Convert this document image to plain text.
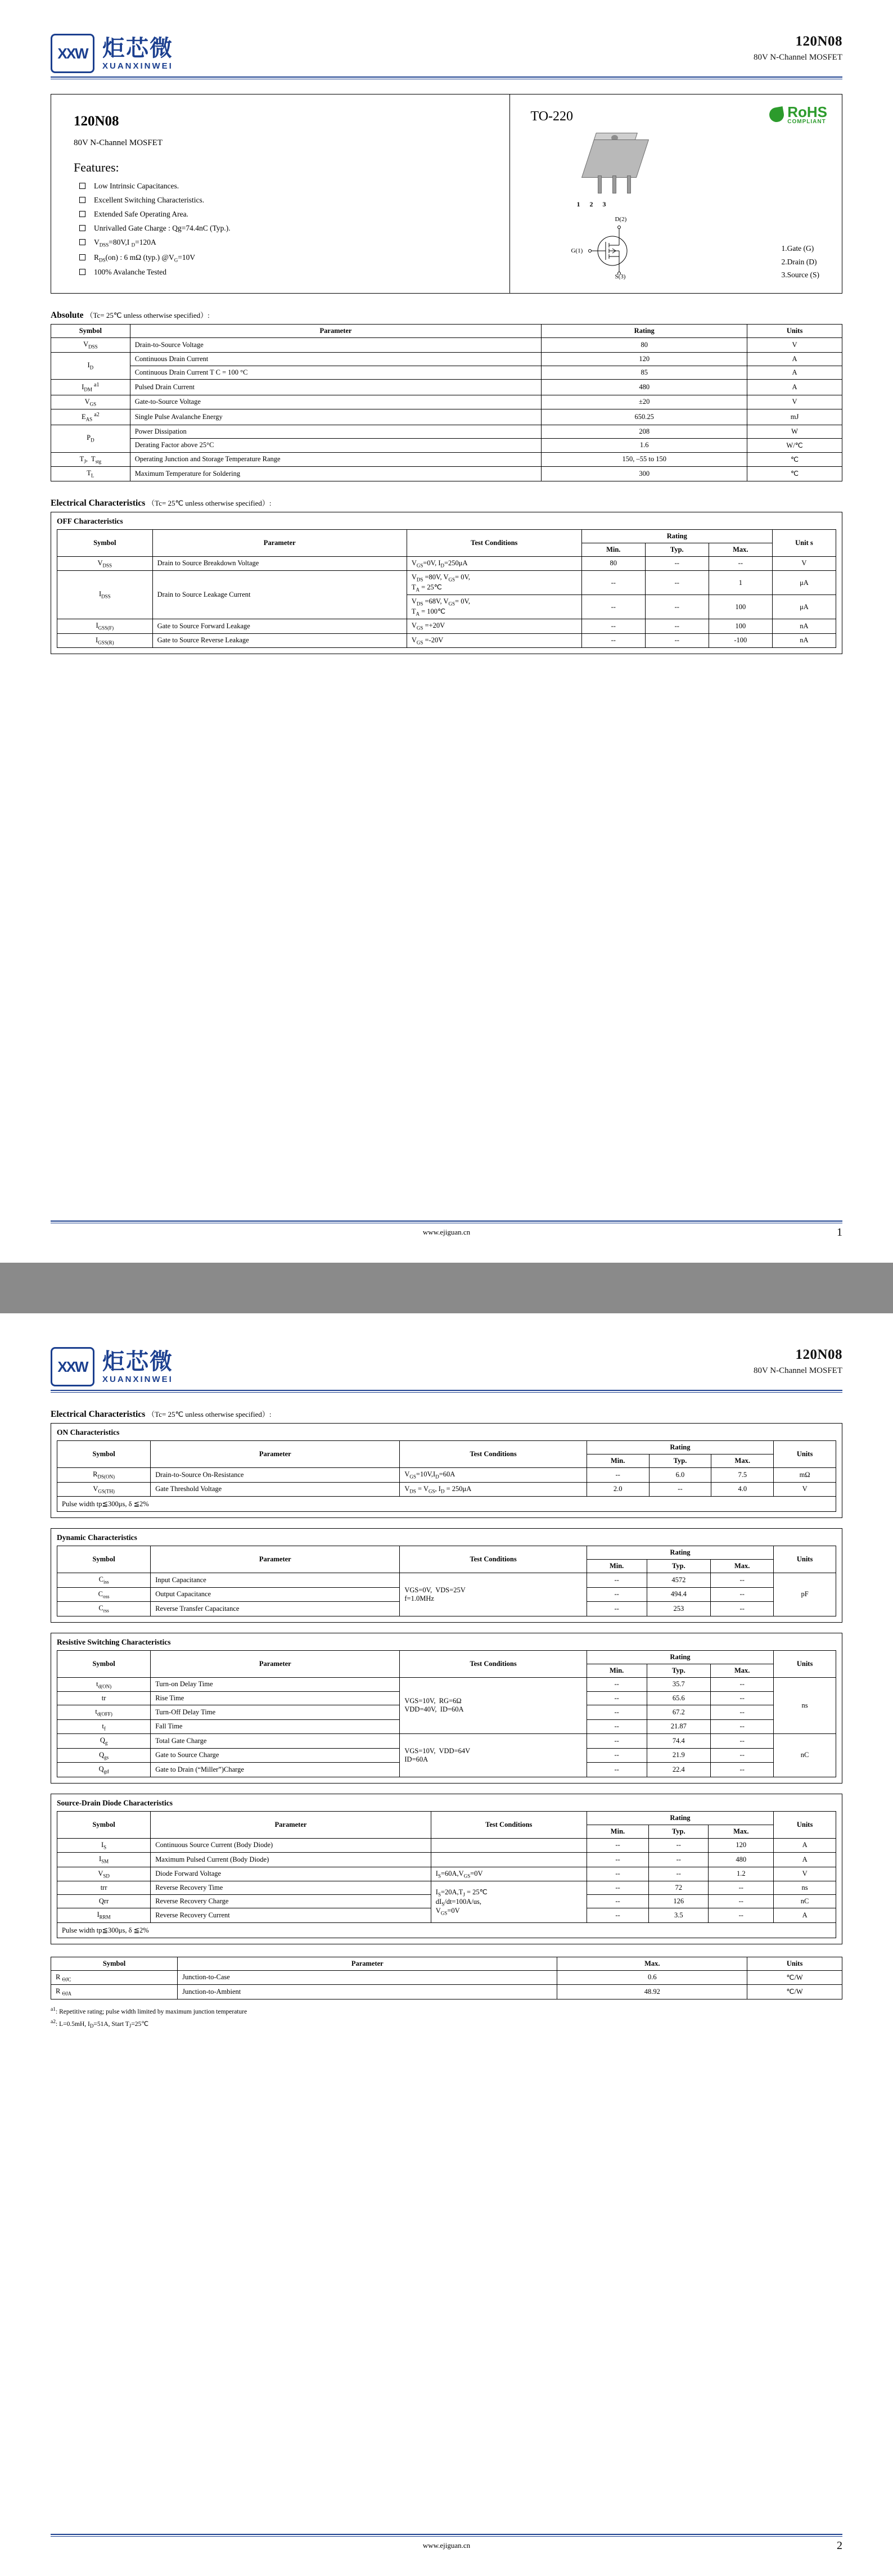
XXW 炬芯微
XUANXINWEI
120N08
80V N-Channel MOSFET
120N08
80V N-Channel MOSFET
Features:
Low Intrinsic Capacitances.
Excellent Switching Characteristics.
Extended Safe Operating Area.
Unrivalled Gate Charge : Qg=74.4nC (Typ.).
$V_{DSS}=80V,I$ $_D$=120A
$R_{DS}(on)$ : 6 mΩ (typ.) $@V_G=10V$
100% Avalanche Tested
TO-220	RoHS
COMPLIANT
1 2 3
D(2)
G(1)
S(3)
1.Gate (G)
2.Drain (D)
3.Source (S)
Absolute （Tc= 25℃ unless otherwise specified）:
Symbol	Parameter	Rating	Units
$V_{DSS}$	Drain-to-Source Voltage	80	V
$I_D$	Continuous Drain Current	120	A
	Continuous Drain Current T C = 100 °C	85	A
$I_{DM}$ $^{a1}$	Pulsed Drain Current	480	A
$V_{GS}$	Gate-to-Source Voltage	±20	V
$E_{AS}$ $^{a2}$	Single Pulse Avalanche Energy	650.25	mJ
$P_D$	Power Dissipation	208	W
	Derating Factor above 25°C	1.6	W/℃
$T_J$,  $T_{stg}$	Operating Junction and Storage Temperature Range	150, –55 to 150	℃
$T_L$	Maximum Temperature for Soldering	300	℃
Electrical Characteristics （Tc= 25℃ unless otherwise specified）:
OFF Characteristics
Symbol	Parameter	Test Conditions	Rating			Unit s
			Min.	Typ.	Max.	
$V_{DSS}$	Drain to Source Breakdown Voltage	$V_{GS}=0V$, $I_D=250\mu A$	80	--	--	V
$I_{DSS}$	Drain to Source Leakage Current	$V_{DS} =80V$, $V_{GS}= 0V$,
$T_A$ = 25℃	--	--	1	μA
		$V_{DS} =68V$, $V_{GS}= 0V$,
$T_A$ = 100℃	--	--	100	μA
$I_{GSS(F)}$	Gate to Source Forward Leakage	$V_{GS} =+20V$	--	--	100	nA
$I_{GSS(R)}$	Gate to Source Reverse Leakage	$V_{GS} =-20V$	--	--	-100	nA
www.ejiguan.cn	1
XXW 炬芯微
XUANXINWEI
120N08
80V N-Channel MOSFET
Electrical Characteristics （Tc= 25℃ unless otherwise specified）:
ON Characteristics
Symbol	Parameter	Test Conditions	Rating			Units
			Min.	Typ.	Max.	
$R_{DS(ON)}$	Drain-to-Source On-Resistance	$V_{GS}=10V,I_D=60A$	--	6.0	7.5	mΩ
$V_{GS(TH)}$	Gate Threshold Voltage	$V_{DS} = V_{GS}$, $I_D = 250\mu A$	2.0	--	4.0	V
Pulse width tp≦300μs, δ ≦2%
Dynamic Characteristics
Symbol	Parameter	Test Conditions	Rating			Units
			Min.	Typ.	Max.	
$C_{iss}$	Input Capacitance	VGS=0V,  VDS=25V
f=1.0MHz	--	4572	--	pF
$C_{oss}$	Output Capacitance		--	494.4	--	
$C_{rss}$	Reverse Transfer Capacitance		--	253	--	
Resistive Switching Characteristics
Symbol	Parameter	Test Conditions	Rating			Units
			Min.	Typ.	Max.	
$t_{d(ON)}$	Turn-on Delay Time	VGS=10V,  RG=6Ω
VDD=40V,  ID=60A	--	35.7	--	ns
tr	Rise Time		--	65.6	--	
$t_{d(OFF)}$	Turn-Off Delay Time		--	67.2	--	
$t_f$	Fall Time		--	21.87	--	
$Q_g$	Total Gate Charge	VGS=10V,  VDD=64V
ID=60A	--	74.4	--	nC
$Q_{gs}$	Gate to Source Charge		--	21.9	--	
$Q_{gd}$	Gate to Drain (“Miller”)Charge		--	22.4	--	
Source-Drain Diode Characteristics
Symbol	Parameter	Test Conditions	Rating			Units
			Min.	Typ.	Max.	
$I_S$	Continuous Source Current (Body Diode)		--	--	120	A
$I_{SM}$	Maximum Pulsed Current (Body Diode)		--	--	480	A
$V_{SD}$	Diode Forward Voltage	$I_S=60A,V_{GS}=0V$	--	--	1.2	V
trr	Reverse Recovery Time	$I_S=20A,T_J$ = 25℃
$dI_S/dt=100A/us$,
$V_{GS}=0V$	--	72	--	ns
Qrr	Reverse Recovery Charge		--	126	--	nC
$I_{RRM}$	Reverse Recovery Current		--	3.5	--	A
Pulse width tp≦300μs, δ ≦2%
Symbol	Parameter	Max.	Units
R $_{ӨJC}$	Junction-to-Case	0.6	℃/W
R $_{ӨJA}$	Junction-to-Ambient	48.92	℃/W
$^{a1}$: Repetitive rating; pulse width limited by maximum junction temperature
$^{a2}$: L=0.5mH, $I_D=51A$, Start $T_J=25℃$
www.ejiguan.cn	2
